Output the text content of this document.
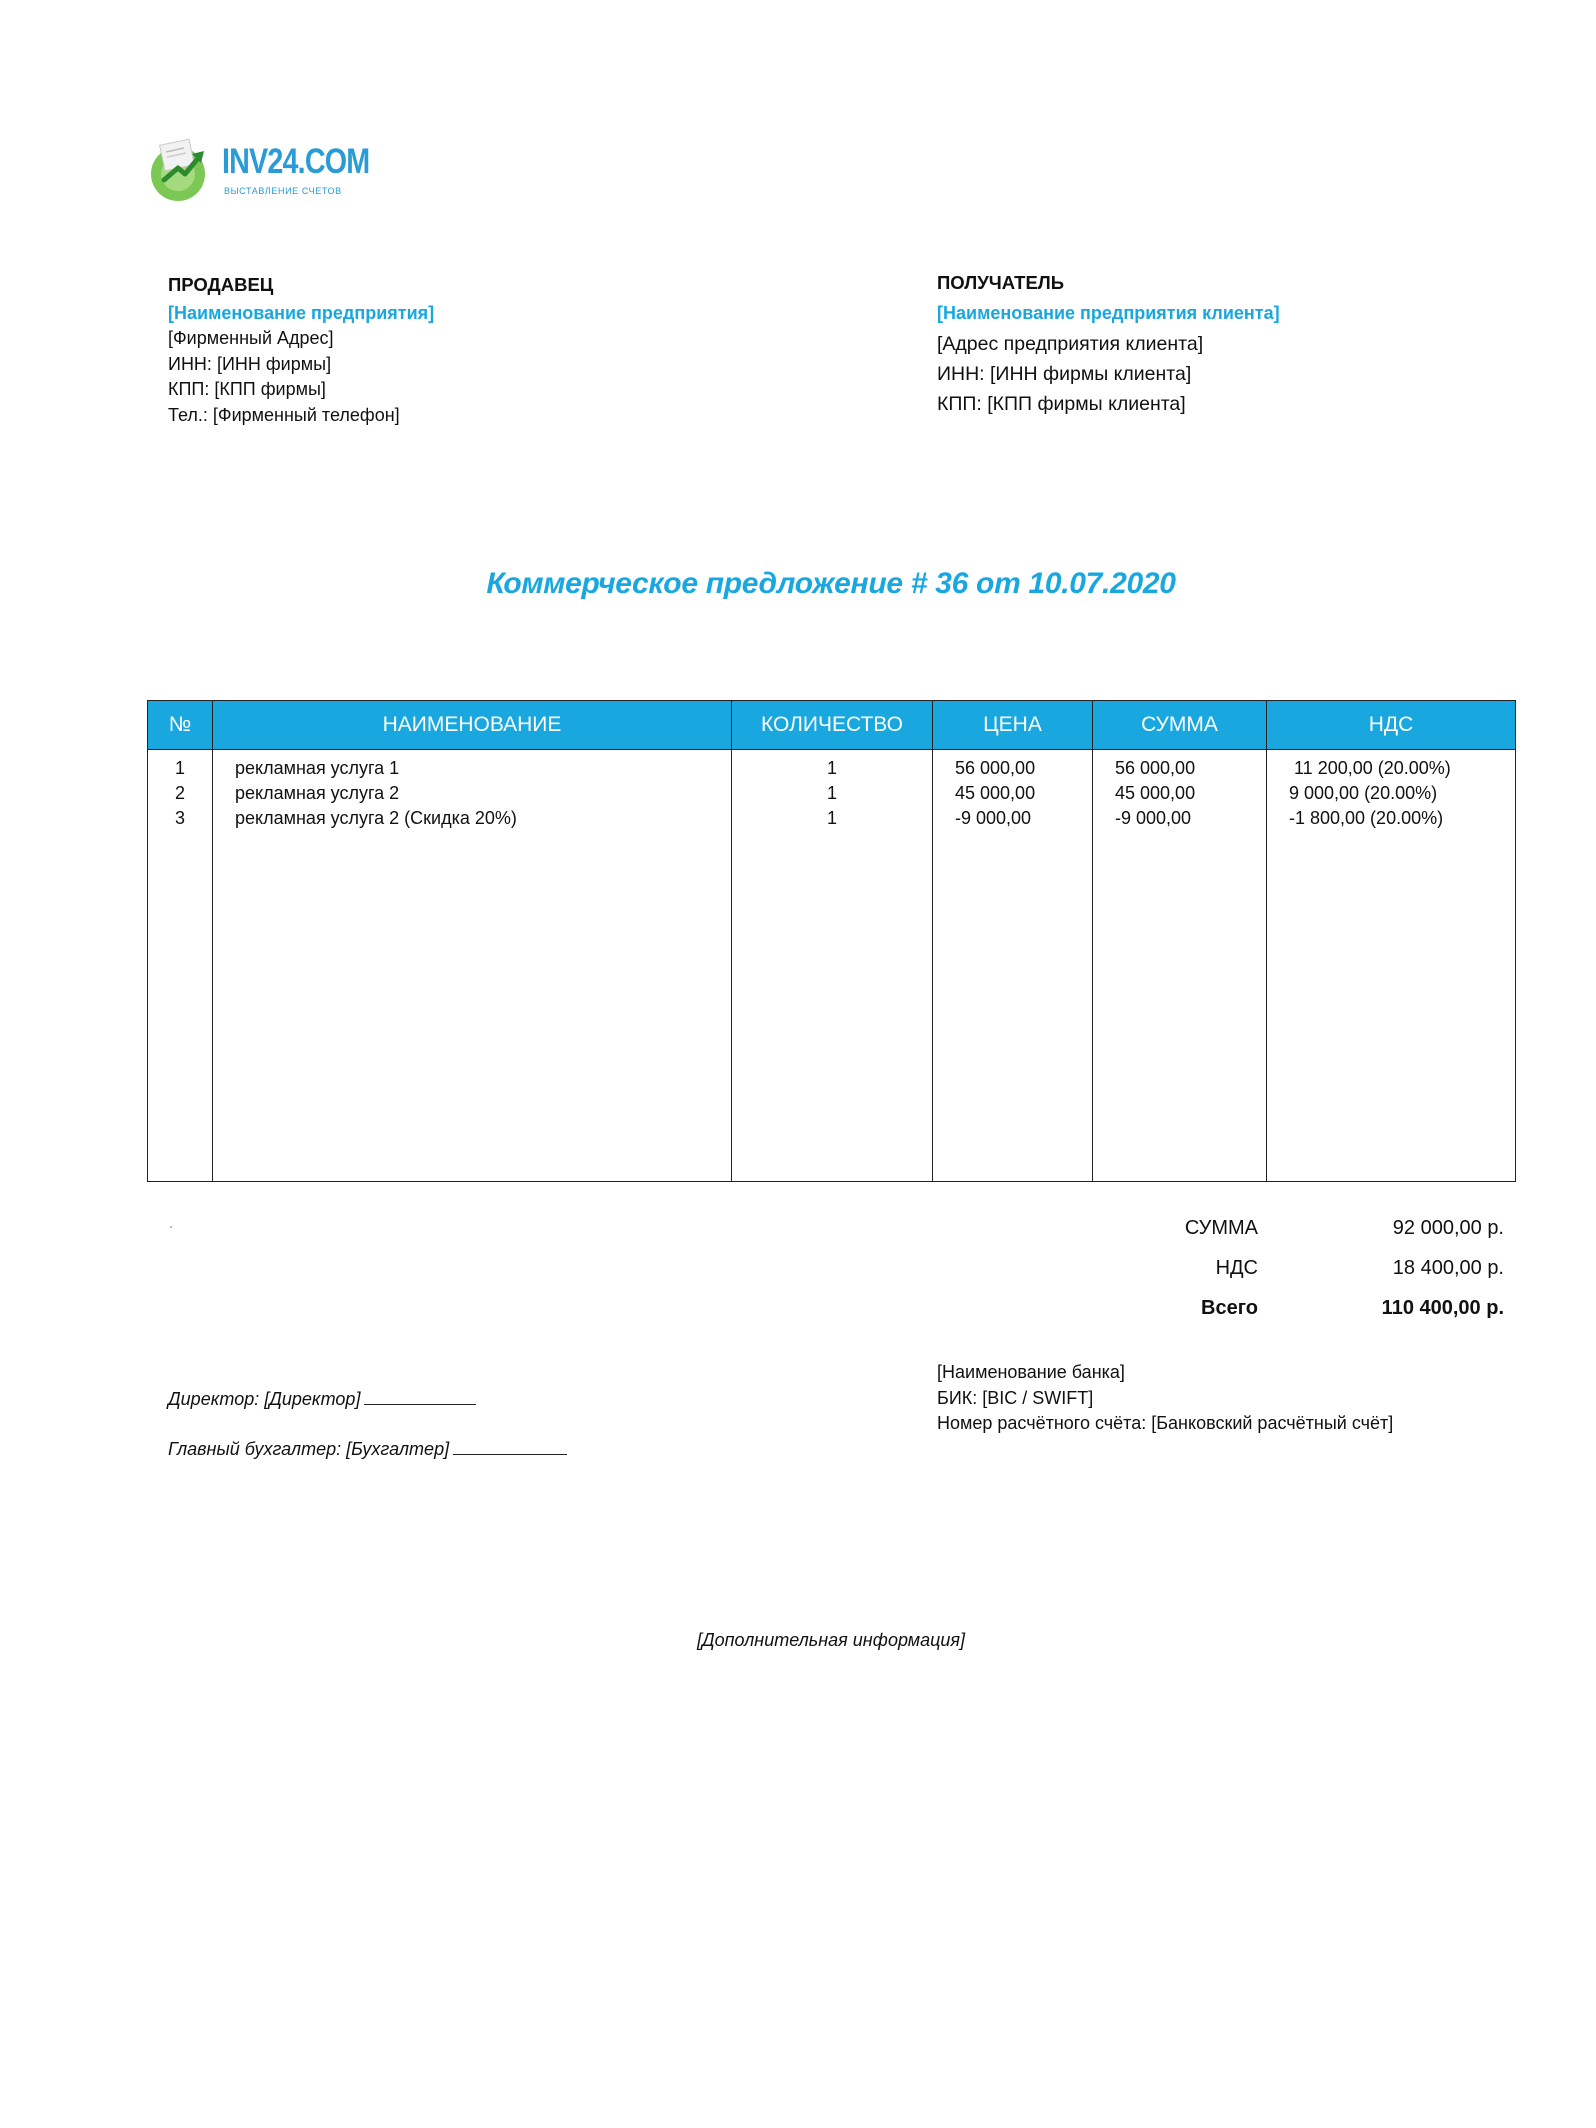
INV24.COM
ВЫСТАВЛЕНИЕ СЧЕТОВ
ПРОДАВЕЦ
[Наименование предприятия]
[Фирменный Адрес]
ИНН: [ИНН фирмы]
КПП: [КПП фирмы]
Тел.: [Фирменный телефон]
ПОЛУЧАТЕЛЬ
[Наименование предприятия клиента]
[Адрес предприятия клиента]
ИНН: [ИНН фирмы клиента]
КПП: [КПП фирмы клиента]
Коммерческое предложение # 36 от 10.07.2020
№	НАИМЕНОВАНИЕ	КОЛИЧЕСТВО	ЦЕНА	СУММА	НДС
1	рекламная услуга 1	1	56 000,00	56 000,00	11 200,00 (20.00%)
2	рекламная услуга 2	1	45 000,00	45 000,00	9 000,00 (20.00%)
3	рекламная услуга 2 (Скидка 20%)	1	-9 000,00	-9 000,00	-1 800,00 (20.00%)

СУММА	92 000,00 р.
НДС	18 400,00 р.
Всего	110 400,00 р.
Директор: [Директор]
Главный бухгалтер: [Бухгалтер]
[Наименование банка]
БИК: [BIC / SWIFT]
Номер расчётного счёта: [Банковский расчётный счёт]
[Дополнительная информация]
